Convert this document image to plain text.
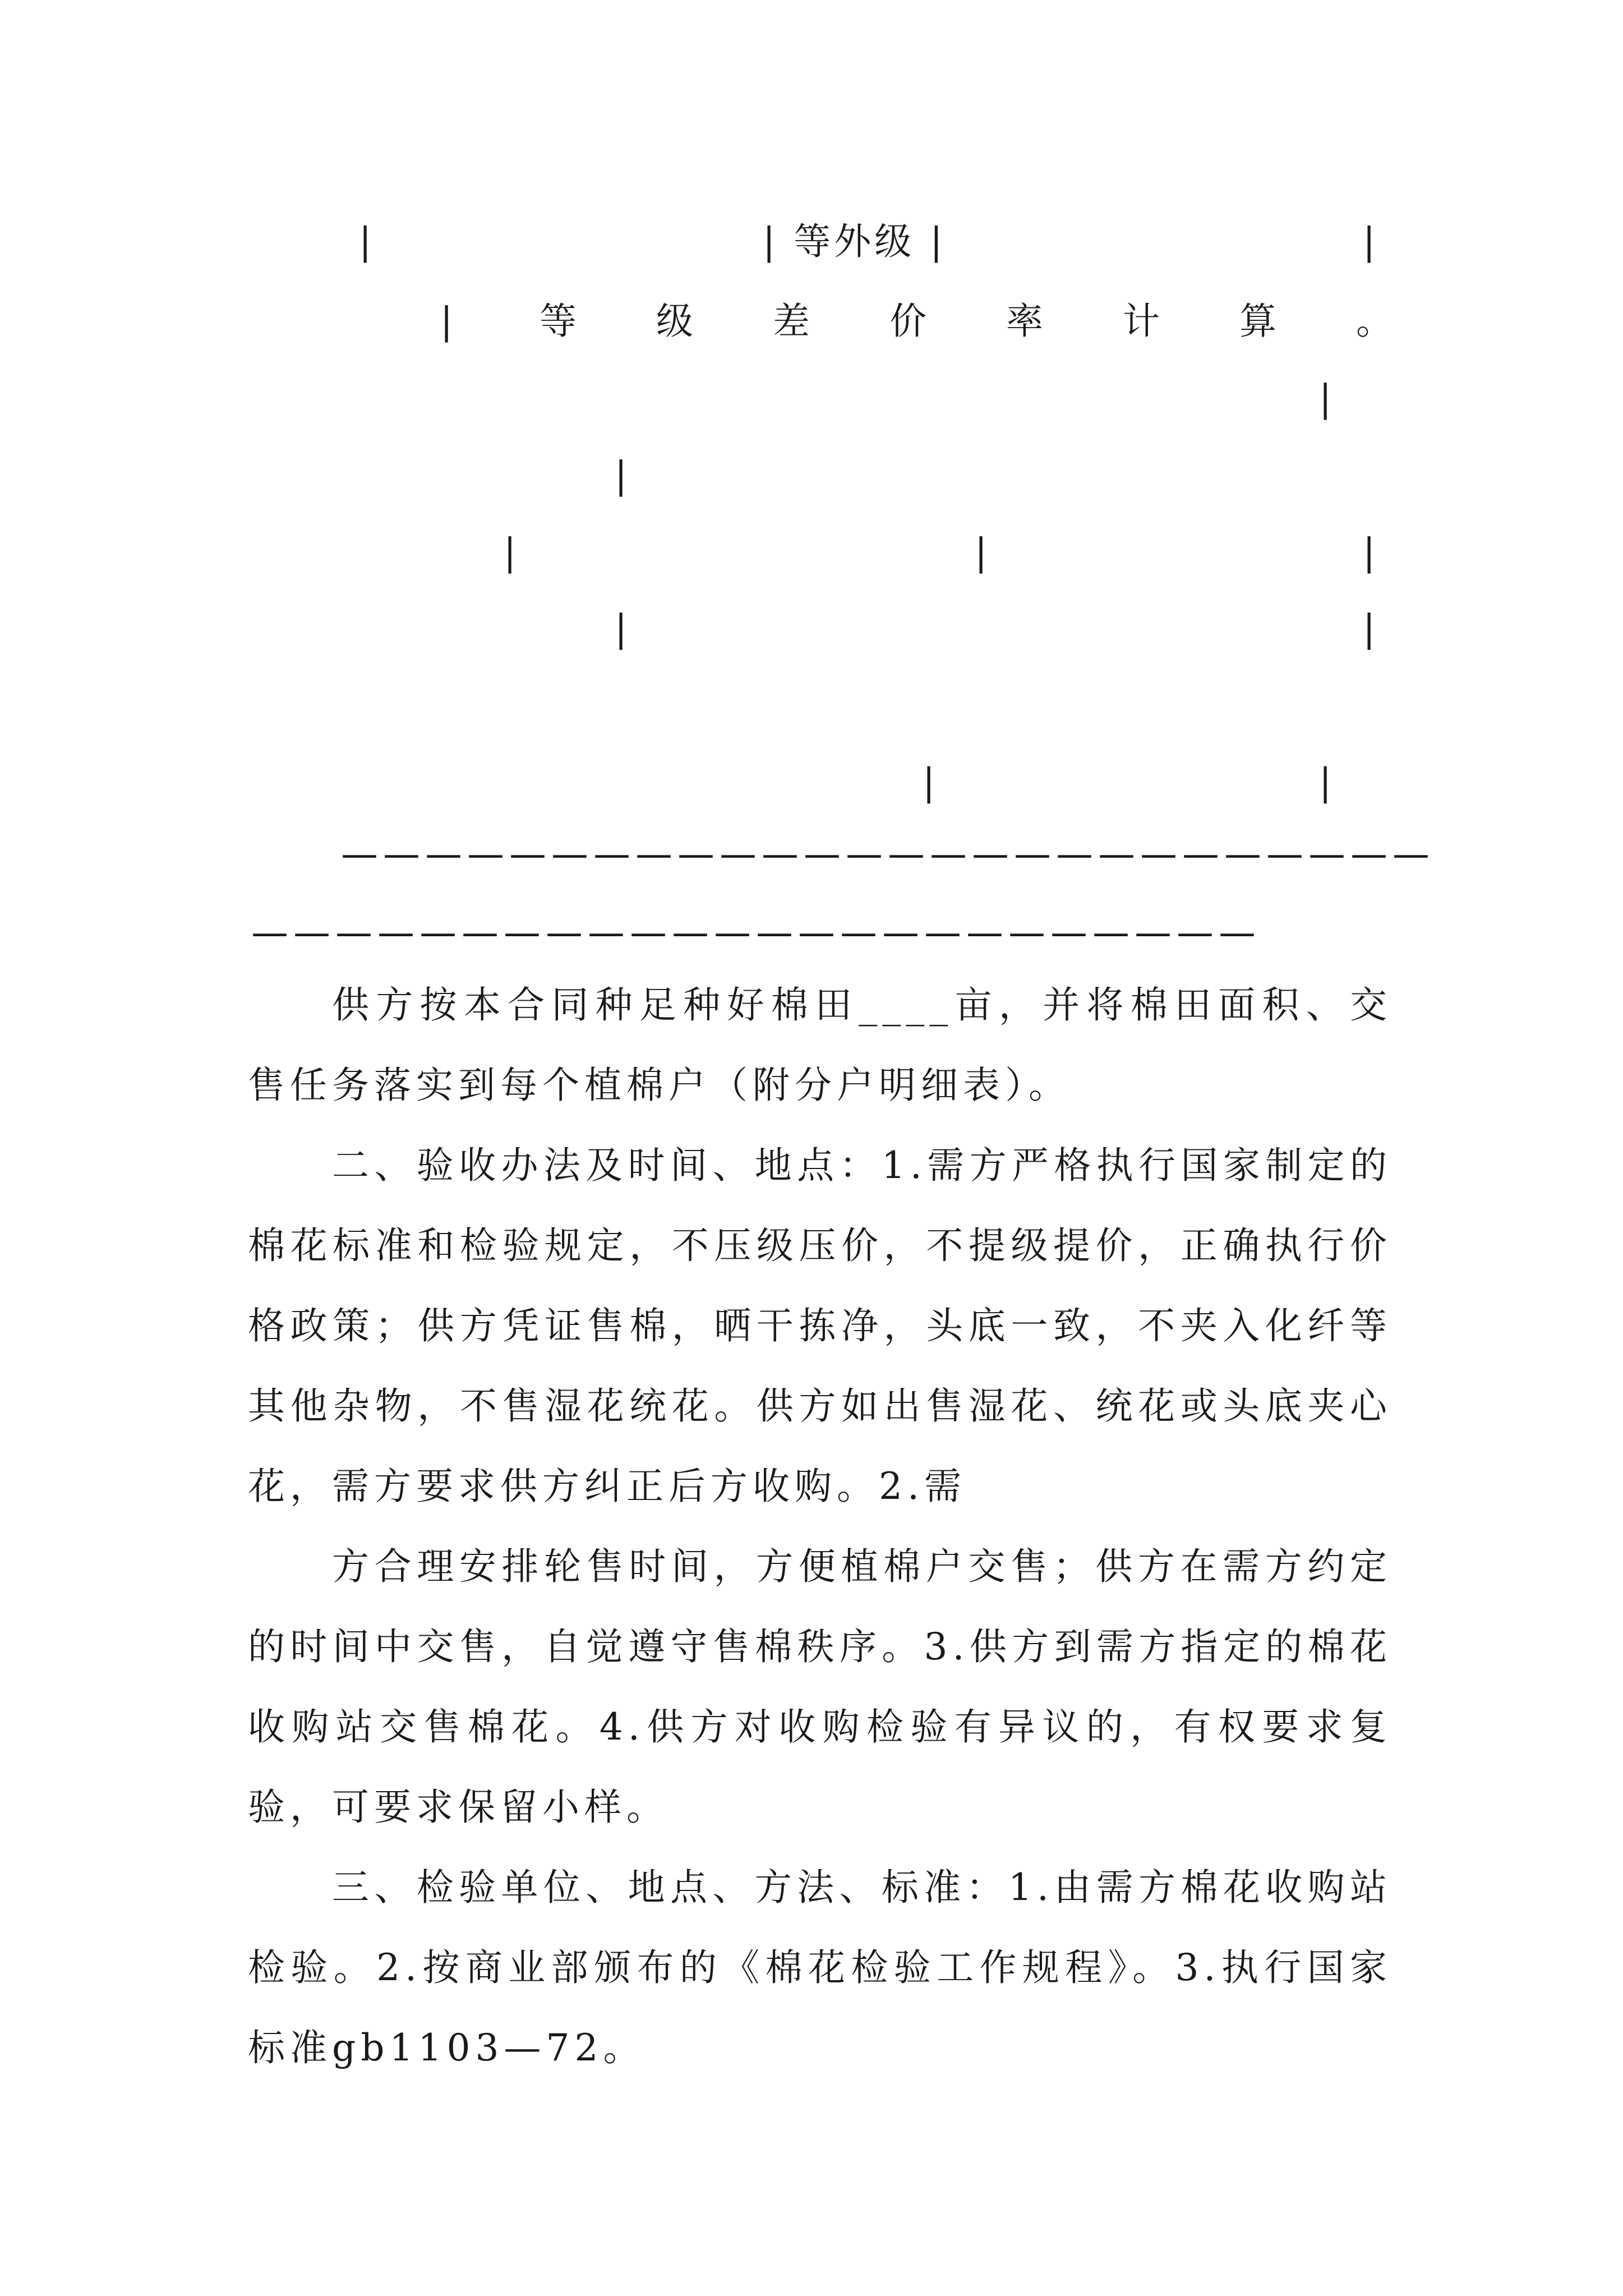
|	| 等外级 |	|
| 等 级 差 价 率 计 算 。
|
|
|	|	|
|	|
|	|
——————————————————————————
————————————————————————

供方按本合同种足种好棉田____亩，并将棉田面积、交售任务落实到每个植棉户（附分户明细表）。

二、验收办法及时间、地点：1.需方严格执行国家制定的棉花标准和检验规定，不压级压价，不提级提价，正确执行价格政策；供方凭证售棉，晒干拣净，头底一致，不夹入化纤等其他杂物，不售湿花统花。供方如出售湿花、统花或头底夹心花，需方要求供方纠正后方收购。2.需

方合理安排轮售时间，方便植棉户交售；供方在需方约定的时间中交售，自觉遵守售棉秩序。3.供方到需方指定的棉花收购站交售棉花。4.供方对收购检验有异议的，有权要求复验，可要求保留小样。

三、检验单位、地点、方法、标准：1.由需方棉花收购站检验。2.按商业部颁布的《棉花检验工作规程》。3.执行国家标准gb1103—72。
